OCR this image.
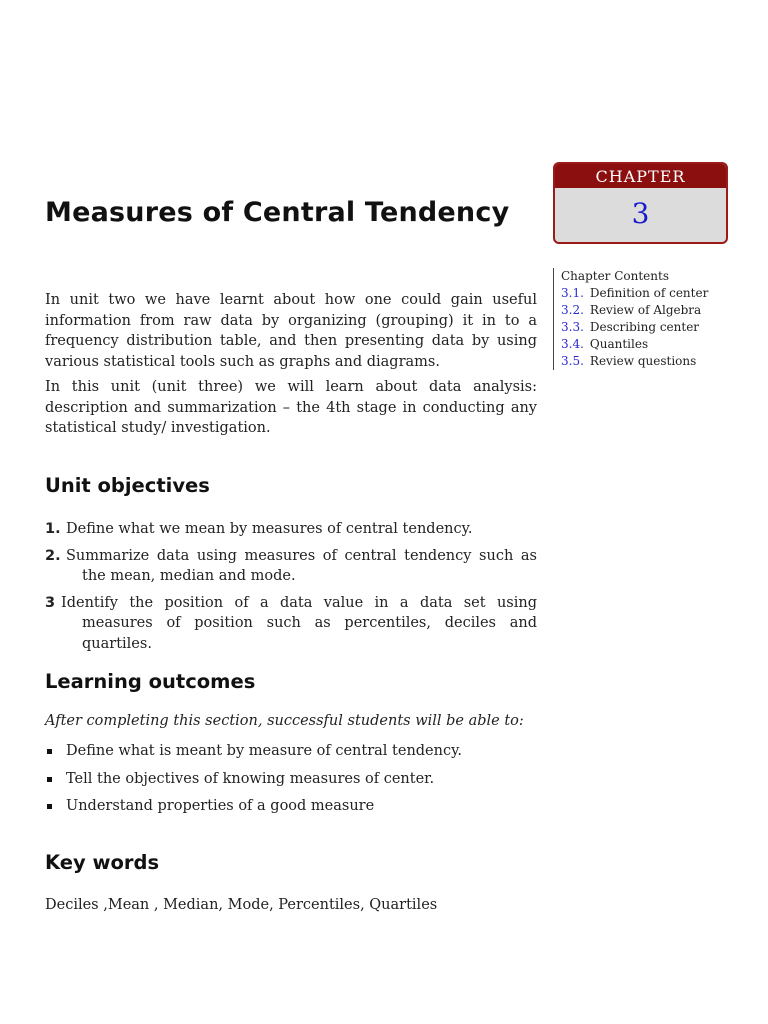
Measures of Central Tendency
CHAPTER
3
Chapter Contents
3.1. Definition of center
3.2. Review of Algebra
3.3. Describing center
3.4. Quantiles
3.5. Review questions

In unit two we have learnt about how one could gain useful information from raw data by organizing (grouping) it in to a frequency distribution table, and then presenting data by using various statistical tools such as graphs and diagrams.

In this unit (unit three) we will learn about data analysis: description and summarization – the 4th stage in conducting any statistical study/ investigation.

Unit objectives
1. Define what we mean by measures of central tendency.
2. Summarize data using measures of central tendency such as the mean, median and mode.
3 Identify the position of a data value in a data set using measures of position such as percentiles, deciles and quartiles.
Learning outcomes
After completing this section, successful students will be able to:
Define what is meant by measure of central tendency.
Tell the objectives of knowing measures of center.
Understand properties of a good measure
Key words
Deciles ,Mean , Median, Mode, Percentiles, Quartiles
